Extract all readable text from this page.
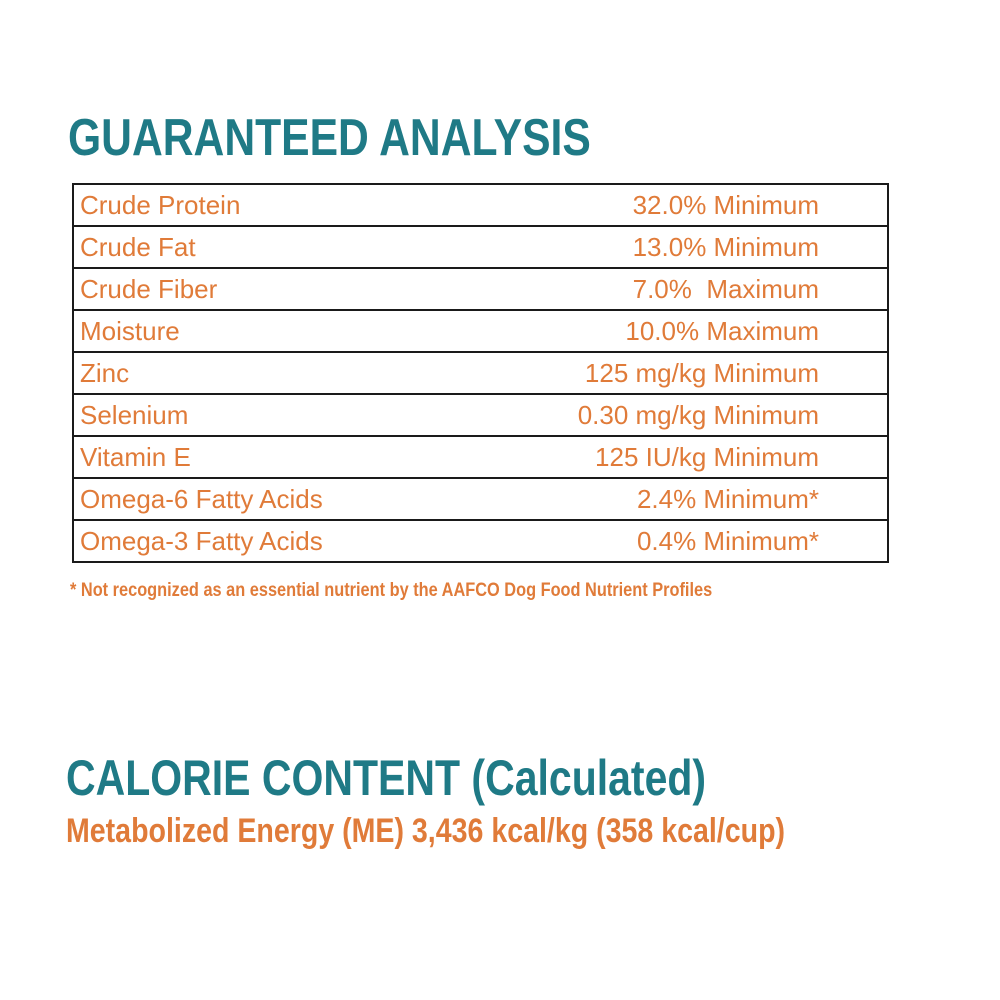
GUARANTEED ANALYSIS
Crude Protein	32.0% Minimum
Crude Fat	13.0% Minimum
Crude Fiber	7.0%  Maximum
Moisture	10.0% Maximum
Zinc	125 mg/kg Minimum
Selenium	0.30 mg/kg Minimum
Vitamin E	125 IU/kg Minimum
Omega-6 Fatty Acids	2.4% Minimum*
Omega-3 Fatty Acids	0.4% Minimum*
* Not recognized as an essential nutrient by the AAFCO Dog Food Nutrient Profiles
CALORIE CONTENT (Calculated)
Metabolized Energy (ME) 3,436 kcal/kg (358 kcal/cup)
